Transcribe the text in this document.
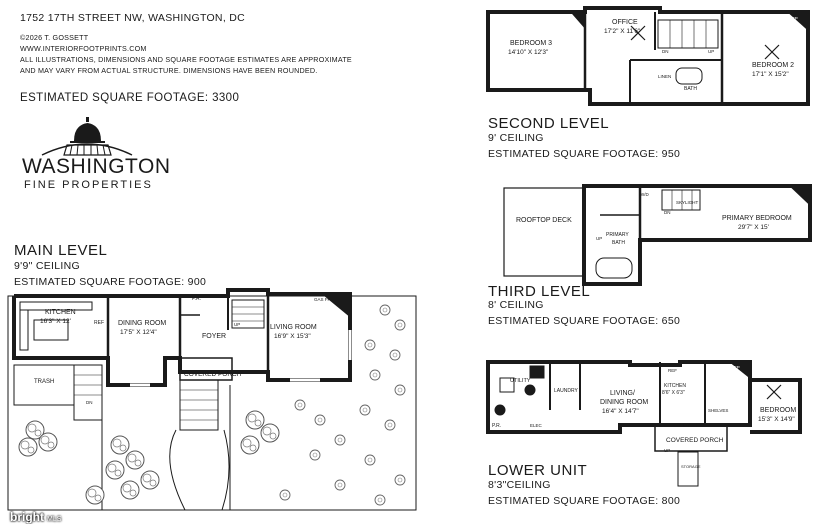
1752 17TH STREET NW, WASHINGTON, DC
©2026 T. GOSSETT
WWW.INTERIORFOOTPRINTS.COM
ALL ILLUSTRATIONS, DIMENSIONS AND SQUARE FOOTAGE ESTIMATES ARE APPROXIMATE
AND MAY VARY FROM ACTUAL STRUCTURE. DIMENSIONS HAVE BEEN ROUNDED.
ESTIMATED SQUARE FOOTAGE: 3300
WASHINGTON
FINE PROPERTIES
MAIN LEVEL
9'9" CEILING
ESTIMATED SQUARE FOOTAGE: 900
SECOND LEVEL
9' CEILING
ESTIMATED SQUARE FOOTAGE: 950
THIRD LEVEL
8' CEILING
ESTIMATED SQUARE FOOTAGE: 650
LOWER UNIT
8'3"CEILING
ESTIMATED SQUARE FOOTAGE: 800
KITCHEN
16'3" X 12'	REF DINING ROOM
17'5" X 12'4"
P.R.
FOYER
LIVING ROOM
16'9" X 15'3"
GAS FP
TRASH
DN
UP
COVERED PORCH
BEDROOM 3
14'10" X 12'3"
OFFICE
17'2" X 11'6"
BEDROOM 2
17'1" X 15'2"
LINEN
BATH
FP
DN	UP
ROOFTOP DECK
PRIMARY
BATH
PRIMARY BEDROOM
29'7" X 15'
SKYLIGHT
W/D
DN
UP
UTILITY
LAUNDRY	LIVING/
DINING ROOM
16'4" X 14'7"
KITCHEN
8'6" X 6'3"
REF
SHELVES
FOYER
BEDROOM
15'3" X 14'9"
COVERED PORCH
STORAGE
P.R.	ELEC
FP
UP
bright MLS
